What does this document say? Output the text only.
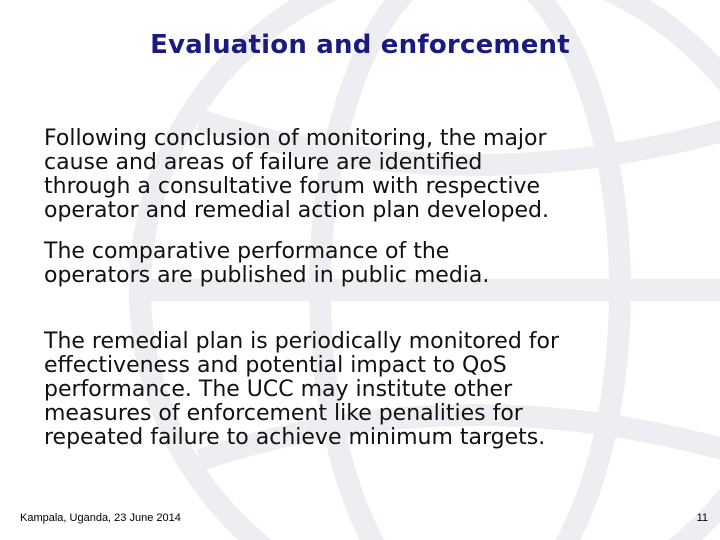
Evaluation and enforcement

Following conclusion of monitoring, the major
cause and areas of failure are identified
through a consultative forum with respective
operator and remedial action plan developed.

The comparative performance of the
operators are published in public media.

The remedial plan is periodically monitored for
effectiveness and potential impact to QoS
performance. The UCC may institute other
measures of enforcement like penalities for
repeated failure to achieve minimum targets.

Kampala, Uganda, 23 June 2014	11
